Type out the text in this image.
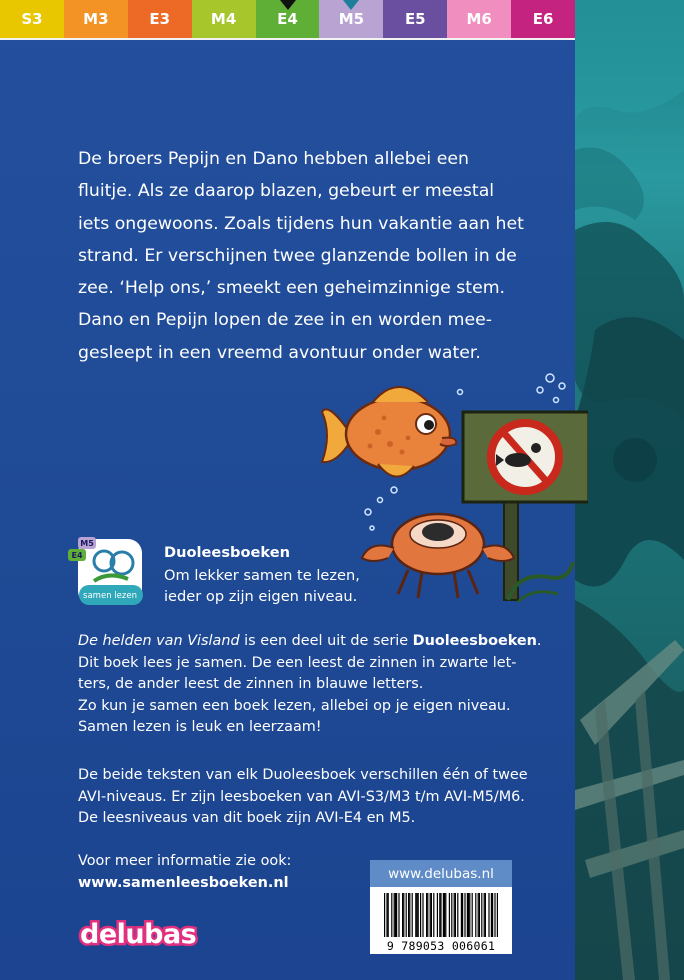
S3	M3	E3	M4	E4	M5	E5	M6	E6

De broers Pepijn en Dano hebben allebei een

fluitje. Als ze daarop blazen, gebeurt er meestal

iets ongewoons. Zoals tijdens hun vakantie aan het

strand. Er verschijnen twee glanzende bollen in de

zee. ‘Help ons,’ smeekt een geheimzinnige stem.

Dano en Pepijn lopen de zee in en worden mee-

gesleept in een vreemd avontuur onder water.

samen lezen
M5
E4	Duoleesboeken
Om lekker samen te lezen,
ieder op zijn eigen niveau.

De helden van Visland is een deel uit de serie Duoleesboeken.

Dit boek lees je samen. De een leest de zinnen in zwarte let-

ters, de ander leest de zinnen in blauwe letters.

Zo kun je samen een boek lezen, allebei op je eigen niveau.

Samen lezen is leuk en leerzaam!

De beide teksten van elk Duoleesboek verschillen één of twee

AVI-niveaus. Er zijn leesboeken van AVI-S3/M3 t/m AVI-M5/M6.

De leesniveaus van dit boek zijn AVI-E4 en M5.

Voor meer informatie zie ook:

www.samenleesboeken.nl

delubas
www.delubas.nl
9 789053 006061
